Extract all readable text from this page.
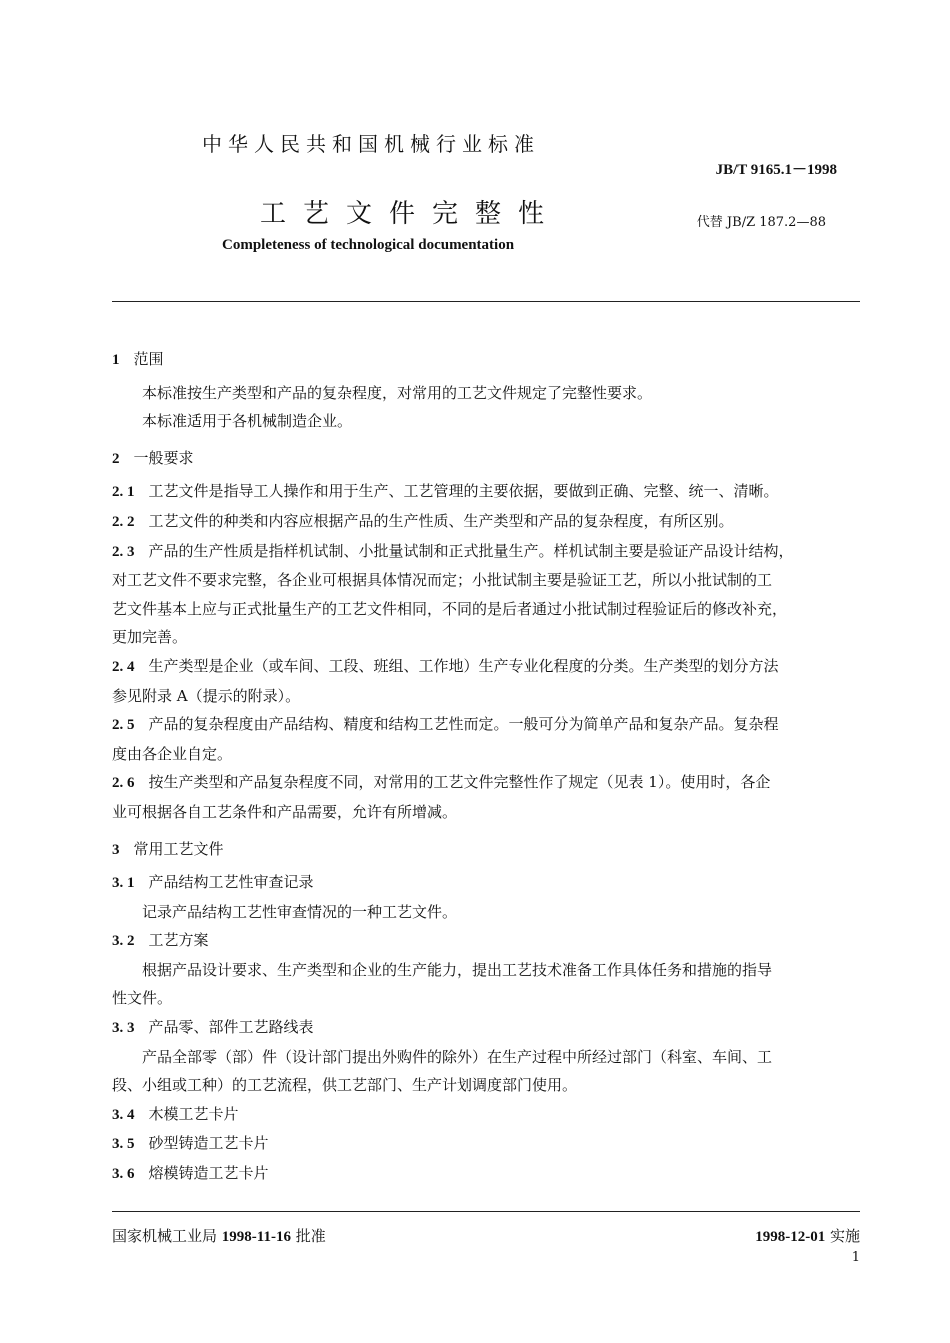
中华人民共和国机械行业标准
JB/T 9165.1－1998
工艺文件完整性	代替 JB/Z 187.2—88
Completeness of technological documentation
1 范围
本标准按生产类型和产品的复杂程度，对常用的工艺文件规定了完整性要求。
本标准适用于各机械制造企业。
2 一般要求
2. 1 工艺文件是指导工人操作和用于生产、工艺管理的主要依据，要做到正确、完整、统一、清晰。
2. 2 工艺文件的种类和内容应根据产品的生产性质、生产类型和产品的复杂程度，有所区别。
2. 3 产品的生产性质是指样机试制、小批量试制和正式批量生产。样机试制主要是验证产品设计结构，
对工艺文件不要求完整，各企业可根据具体情况而定；小批试制主要是验证工艺，所以小批试制的工
艺文件基本上应与正式批量生产的工艺文件相同，不同的是后者通过小批试制过程验证后的修改补充，
更加完善。
2. 4 生产类型是企业（或车间、工段、班组、工作地）生产专业化程度的分类。生产类型的划分方法
参见附录 A（提示的附录）。
2. 5 产品的复杂程度由产品结构、精度和结构工艺性而定。一般可分为简单产品和复杂产品。复杂程
度由各企业自定。
2. 6 按生产类型和产品复杂程度不同，对常用的工艺文件完整性作了规定（见表 1）。使用时，各企
业可根据各自工艺条件和产品需要，允许有所增减。
3 常用工艺文件
3. 1 产品结构工艺性审查记录
记录产品结构工艺性审查情况的一种工艺文件。
3. 2 工艺方案
根据产品设计要求、生产类型和企业的生产能力，提出工艺技术准备工作具体任务和措施的指导
性文件。
3. 3 产品零、部件工艺路线表
产品全部零（部）件（设计部门提出外购件的除外）在生产过程中所经过部门（科室、车间、工
段、小组或工种）的工艺流程，供工艺部门、生产计划调度部门使用。
3. 4 木模工艺卡片
3. 5 砂型铸造工艺卡片
3. 6 熔模铸造工艺卡片
国家机械工业局 1998-11-16 批准	1998-12-01 实施
1
